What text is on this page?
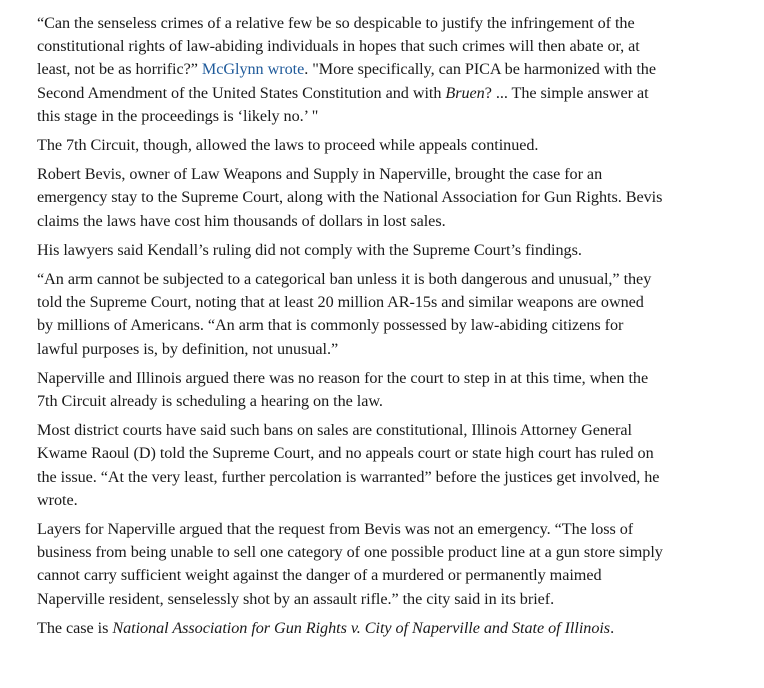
“Can the senseless crimes of a relative few be so despicable to justify the infringement of the constitutional rights of law-abiding individuals in hopes that such crimes will then abate or, at least, not be as horrific?” McGlynn wrote. "More specifically, can PICA be harmonized with the Second Amendment of the United States Constitution and with Bruen? ... The simple answer at this stage in the proceedings is ‘likely no.’ "

The 7th Circuit, though, allowed the laws to proceed while appeals continued.

Robert Bevis, owner of Law Weapons and Supply in Naperville, brought the case for an emergency stay to the Supreme Court, along with the National Association for Gun Rights. Bevis claims the laws have cost him thousands of dollars in lost sales.

His lawyers said Kendall’s ruling did not comply with the Supreme Court’s findings.

“An arm cannot be subjected to a categorical ban unless it is both dangerous and unusual,” they told the Supreme Court, noting that at least 20 million AR-15s and similar weapons are owned by millions of Americans. “An arm that is commonly possessed by law-abiding citizens for lawful purposes is, by definition, not unusual.”

Naperville and Illinois argued there was no reason for the court to step in at this time, when the 7th Circuit already is scheduling a hearing on the law.

Most district courts have said such bans on sales are constitutional, Illinois Attorney General Kwame Raoul (D) told the Supreme Court, and no appeals court or state high court has ruled on the issue. “At the very least, further percolation is warranted” before the justices get involved, he wrote.

Layers for Naperville argued that the request from Bevis was not an emergency. “The loss of business from being unable to sell one category of one possible product line at a gun store simply cannot carry sufficient weight against the danger of a murdered or permanently maimed Naperville resident, senselessly shot by an assault rifle.” the city said in its brief.

The case is National Association for Gun Rights v. City of Naperville and State of Illinois.
